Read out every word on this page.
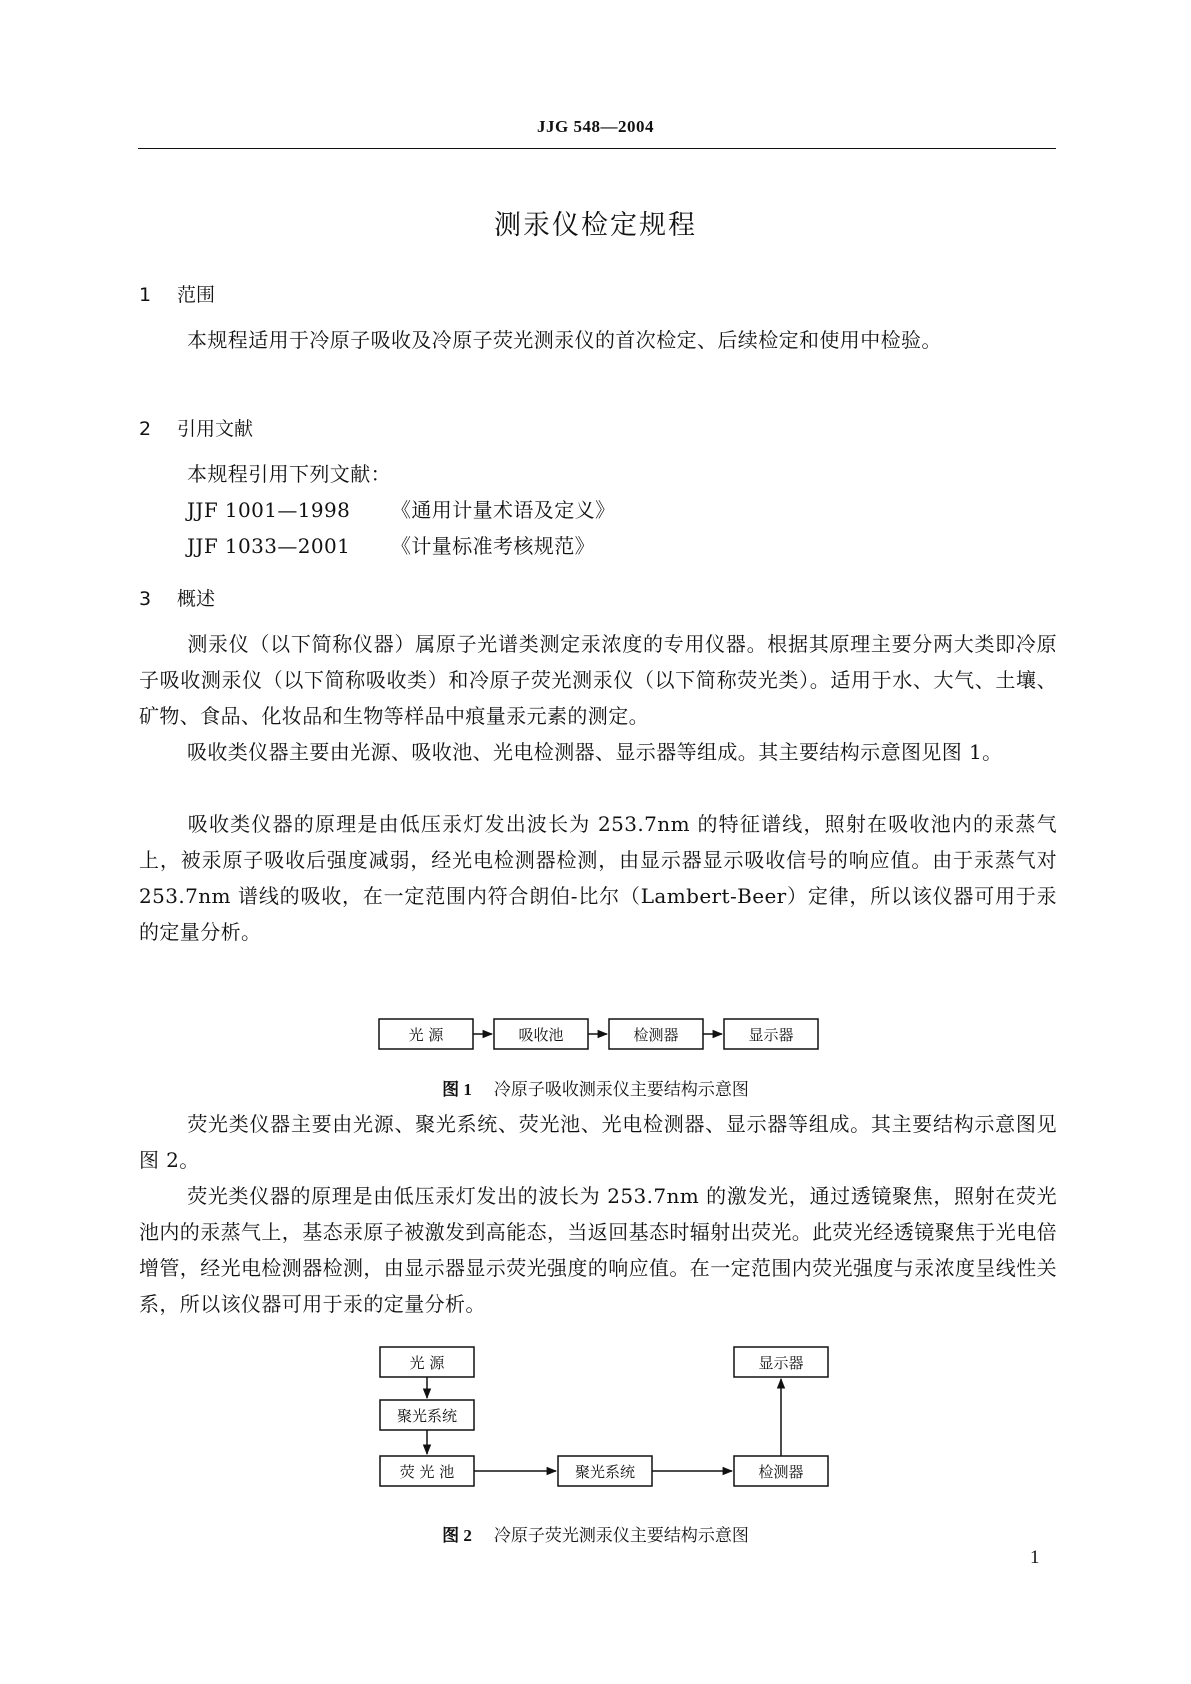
JJG 548—2004
测汞仪检定规程
1 范围

本规程适用于冷原子吸收及冷原子荧光测汞仪的首次检定、后续检定和使用中检验。

2 引用文献
本规程引用下列文献：
JJF 1001—1998 《通用计量术语及定义》
JJF 1033—2001 《计量标准考核规范》
3 概述

测汞仪（以下简称仪器）属原子光谱类测定汞浓度的专用仪器。根据其原理主要分两大类即冷原子吸收测汞仪（以下简称吸收类）和冷原子荧光测汞仪（以下简称荧光类）。适用于水、大气、土壤、矿物、食品、化妆品和生物等样品中痕量汞元素的测定。

吸收类仪器主要由光源、吸收池、光电检测器、显示器等组成。其主要结构示意图见图 1。

吸收类仪器的原理是由低压汞灯发出波长为 253.7nm 的特征谱线，照射在吸收池内的汞蒸气上，被汞原子吸收后强度减弱，经光电检测器检测，由显示器显示吸收信号的响应值。由于汞蒸气对 253.7nm 谱线的吸收，在一定范围内符合朗伯-比尔（Lambert-Beer）定律，所以该仪器可用于汞的定量分析。

光 源	吸收池	检测器	显示器
光 源
聚光系统
荧 光 池	聚光系统	检测器
显示器
图 1 冷原子吸收测汞仪主要结构示意图

荧光类仪器主要由光源、聚光系统、荧光池、光电检测器、显示器等组成。其主要结构示意图见图 2。

荧光类仪器的原理是由低压汞灯发出的波长为 253.7nm 的激发光，通过透镜聚焦，照射在荧光池内的汞蒸气上，基态汞原子被激发到高能态，当返回基态时辐射出荧光。此荧光经透镜聚焦于光电倍增管，经光电检测器检测，由显示器显示荧光强度的响应值。在一定范围内荧光强度与汞浓度呈线性关系，所以该仪器可用于汞的定量分析。

图 2 冷原子荧光测汞仪主要结构示意图
1
